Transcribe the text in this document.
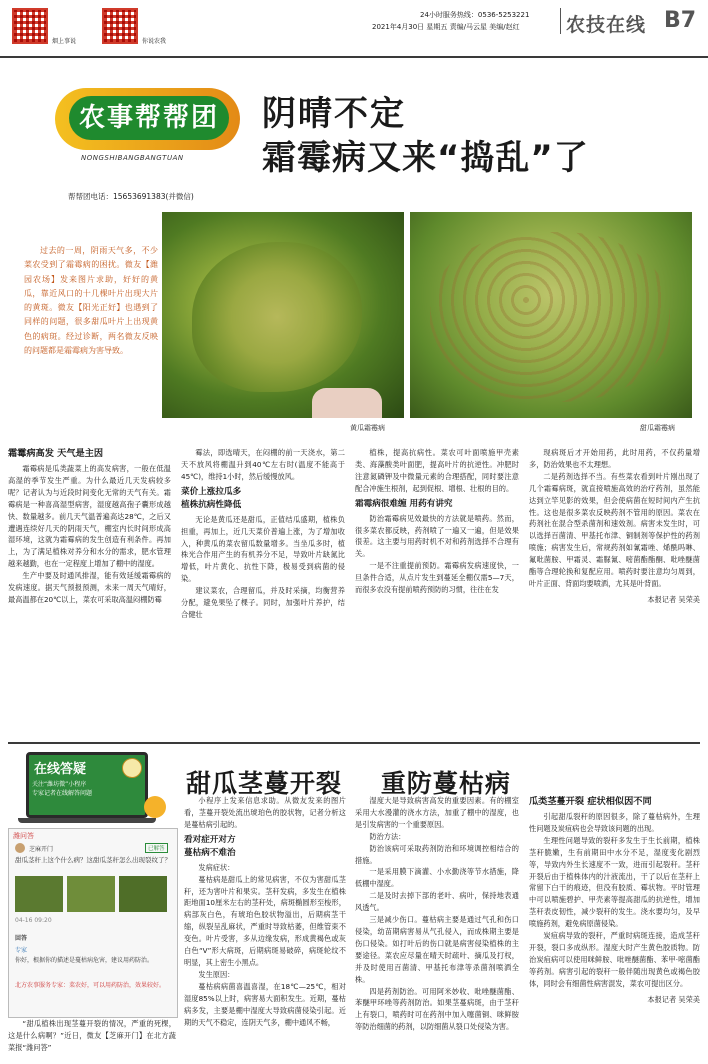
烟上事说	你说农我
24小时服务热线：0536-5253221
2021年4月30日 星期五 责编/马云星 美编/赵红 农技在线 B7
农事帮帮团
NONGSHIBANGBANGTUAN
帮帮团电话：15653691383(并微信)
阴晴不定
霜霉病又来“捣乱”了
过去的一周，阴雨天气多，不少菜农受到了霜霉病的困扰。微友【潍园农场】发来图片求助，好好的黄瓜，靠近风口的十几棵叶片出现大片的黄斑。微友【阳光正好】也遇到了同样的问题，很多甜瓜叶片上出现黄色的病斑。经过诊断，两名微友反映的问题都是霜霉病为害导致。
黄瓜霜霉病	甜瓜霜霉病

霜霉病高发 天气是主因

霜霉病是瓜类蔬菜上的高发病害，一般在低温高湿的季节发生严重。为什么最近几天发病较多呢？记者认为与近段时间变化无常的天气有关。霜霉病是一种喜高湿型病害，湿度越高孢子囊形成越快、数量越多。前几天气温普遍高达28℃，之后又遭遇连续好几天的阴雨天气，棚室内长时间形成高湿环境，这就为霜霉病的发生创造有利条件。再加上，为了满足植株对养分和水分的需求，肥水管理越来越勤，也在一定程度上增加了棚中的湿度。

生产中要及时通风排湿，能有效延缓霜霉病的发病速度。据天气预报预测，未来一周天气晴好，最高温都在20℃以上，菜农可采取高温闷棚防霉

霉法，即选晴天，在闷棚的前一天浇水，第二天不放风将棚温升到40℃左右时(温度不能高于45℃)，维持1小时，然后缓慢放风。

菜价上涨拉瓜多
植株抗病性降低

无论是黄瓜还是甜瓜，正值结瓜盛期，植株负担重，再加上，近几天菜价普遍上涨，为了增加收入，种黄瓜的菜农留瓜数量增多。当坐瓜多时，植株光合作用产生的有机养分不足，导致叶片缺氮比增低，叶片黄化、抗性下降，极易受到病菌的侵染。

建议菜农，合理留瓜，并及时采摘，均衡营养分配，避免果坠了棵子。同时，加强叶片养护，结合健壮

植株，提高抗病性。菜农可叶面喷施甲壳素类、海藻酸类叶面肥，提高叶片的抗逆性。冲肥时注意氮磷钾及中微量元素的合理搭配，同时要注意配合冲施生根剂，起到促根、增根、壮根的目的。

霜霉病很难缠 用药有讲究

防治霜霉病见效最快的方法就是喷药。然而，很多菜农都反映，药剂喷了一遍又一遍，但是效果很差。这主要与用药时机不对和药剂选择不合理有关。

一是不注重提前预防。霜霉病发病速度快，一旦条件合适，从点片发生到蔓延全棚仅需5—7天，而很多农没有提前喷药预防的习惯，往往在发

现病斑后才开始用药，此时用药，不仅药量增多，防治效果也不太理想。

二是药剂选择不当。有些菜农看到叶片刚出现了几个霜霉病斑，就直接喷施高效的治疗药剂，虽然能达到立竿见影的效果，但会使病菌在短时间内产生抗性。这也是很多菜农反映药剂不管用的原因。菜农在药剂社在混合型杀菌剂和速效剂。病害未发生时，可以选择百菌清、甲基托布津、铜制剂等保护性的药剂喷施；病害发生后，常规药剂如氰霜唑、烯酰吗啉、氟吡菌胺、甲霜灵、霜脲氰、嘧菌酯酯酮、吡唑醚菌酯等合理轮换和复配应用。喷药时要注意均匀周到，叶片正面、背面均要喷洒，尤其是叶背面。

本报记者 吴荣美

在线答疑
关注“潍坊微”小程序
专家记者在线解答问题	甜瓜茎蔓开裂    重防蔓枯病
潍问答
芝麻开门	已解答
甜瓜茎秆上这个什么病？这甜瓜茎秆怎么出现裂纹了？
04-16 09:20
回答
专家
你好，根据你的描述是蔓枯病危害，建议用药防治。
北方农事服务专家：菜农好，可以用药防治，效果较好。

“甜瓜植株出现茎蔓开裂的情况，严重的死棵，这是什么病啊？”近日，微友【芝麻开门】在北方蔬菜报“潍问答”

小程序上发来信息求助。从微友发来的图片看，茎蔓开裂处流出琥珀色的胶状物，记者分析这是蔓枯病引起的。

看对症开对方
蔓枯病不难治

发病症状：

蔓枯病是甜瓜上的常见病害，不仅为害甜瓜茎秆，还为害叶片和果实。茎秆发病，多发生在植株距地面10厘米左右的茎秆处，病斑椭圆形至梭形，病部灰白色，有琥珀色胶状物溢出，后期病茎干缩，纵裂呈乱麻状，严重时导致枯萎，但维管束不变色。叶片受害，多从边缘发病，形成黄褐色或灰白色“V”形大病斑，后期病斑易破碎，病斑轮纹不明显，其上密生小黑点。

发生原因：

蔓枯病病菌喜温喜湿，在18℃—25℃，相对湿度85%以上时，病害易大面积发生。近期，蔓枯病多发，主要是棚中湿度大导致病菌侵染引起。近期的天气不稳定，连阴天气多，棚中通风不畅，

湿度大是导致病害高发的重要因素。有的棚室采用大水漫灌的浇水方法，加重了棚中的湿度，也是引发病害的一个重要原因。

防治方法：

防治该病可采取药剂防治和环境调控相结合的措施。

一是采用膜下滴灌、小水勤浇等节水措施，降低棚中湿度。

二是及时去掉下部的老叶、病叶，保持地表通风透气。

三是减少伤口。蔓枯病主要是通过气孔和伤口侵染，幼苗期病害易从气孔侵入，而成株期主要是伤口侵染。如打叶后的伤口就是病害侵染植株的主要途径。菜农应尽量在晴天时疏叶、摘瓜及打杈，并及时使用百菌清、甲基托布津等杀菌剂喷洒全株。

四是药剂防治。可用阿米妙收、吡唑醚菌酯、苯醚甲环唑等药剂防治。如果茎蔓病斑，由于茎秆上有裂口，喷药时可在药剂中加入噻菌铜、咪鲜胺等防治细菌的药剂，以防细菌从裂口处侵染为害。

瓜类茎蔓开裂 症状相似因不同

引起甜瓜裂秆的原因很多，除了蔓枯病外，生理性问题及炭疽病也会导致该问题的出现。

生理性问题导致的裂秆多发生于生长前期，植株茎秆脆嫩，生有前期田中水分不足，湿度变化剧烈等，导致内外生长速度不一致，进而引起裂秆。茎秆开裂后由于植株体内的汁液流出，干了以后在茎秆上常留下白干的痕迹，但没有胶质、霉状物。平时管理中可以喷施碧护、甲壳素等提高甜瓜的抗逆性，增加茎秆表皮韧性，减少裂秆的发生。浇水要均匀，及早喷施药剂，避免病原菌侵染。

炭疽病导致的裂秆，严重时病斑连接，造成茎秆开裂，裂口多成纵形。湿度大时产生黄色胶质物。防治炭疽病可以使用咪鲜胺、吡唑醚菌酯、苯甲·嘧菌酯等药剂。病害引起的裂秆一般伴随出现黄色或褐色胶体，同时会有细菌性病害混发，菜农可提出区分。

本报记者 吴荣美
